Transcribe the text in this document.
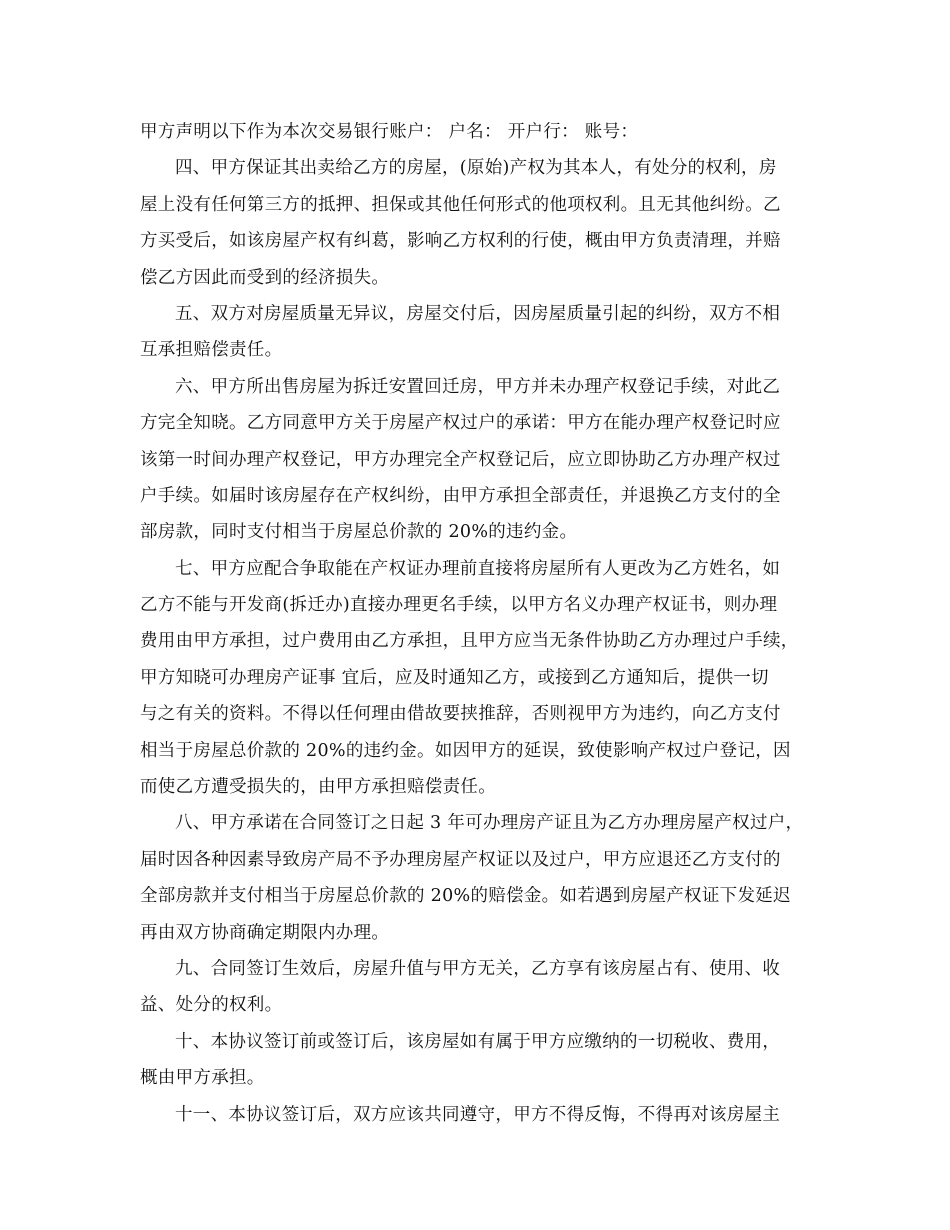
甲方声明以下作为本次交易银行账户： 户名： 开户行： 账号：
四、甲方保证其出卖给乙方的房屋，(原始)产权为其本人，有处分的权利，房
屋上没有任何第三方的抵押、担保或其他任何形式的他项权利。且无其他纠纷。乙
方买受后，如该房屋产权有纠葛，影响乙方权利的行使，概由甲方负责清理，并赔
偿乙方因此而受到的经济损失。
五、双方对房屋质量无异议，房屋交付后，因房屋质量引起的纠纷，双方不相
互承担赔偿责任。
六、甲方所出售房屋为拆迁安置回迁房，甲方并未办理产权登记手续，对此乙
方完全知晓。乙方同意甲方关于房屋产权过户的承诺：甲方在能办理产权登记时应
该第一时间办理产权登记，甲方办理完全产权登记后，应立即协助乙方办理产权过
户手续。如届时该房屋存在产权纠纷，由甲方承担全部责任，并退换乙方支付的全
部房款，同时支付相当于房屋总价款的 20%的违约金。
七、甲方应配合争取能在产权证办理前直接将房屋所有人更改为乙方姓名，如
乙方不能与开发商(拆迁办)直接办理更名手续，以甲方名义办理产权证书，则办理
费用由甲方承担，过户费用由乙方承担，且甲方应当无条件协助乙方办理过户手续，
甲方知晓可办理房产证事 宜后，应及时通知乙方，或接到乙方通知后，提供一切
与之有关的资料。不得以任何理由借故要挟推辞，否则视甲方为违约，向乙方支付
相当于房屋总价款的 20%的违约金。如因甲方的延误，致使影响产权过户登记，因
而使乙方遭受损失的，由甲方承担赔偿责任。
八、甲方承诺在合同签订之日起 3 年可办理房产证且为乙方办理房屋产权过户，
届时因各种因素导致房产局不予办理房屋产权证以及过户，甲方应退还乙方支付的
全部房款并支付相当于房屋总价款的 20%的赔偿金。如若遇到房屋产权证下发延迟
再由双方协商确定期限内办理。
九、合同签订生效后，房屋升值与甲方无关，乙方享有该房屋占有、使用、收
益、处分的权利。
十、本协议签订前或签订后，该房屋如有属于甲方应缴纳的一切税收、费用，
概由甲方承担。
十一、本协议签订后，双方应该共同遵守，甲方不得反悔，不得再对该房屋主
